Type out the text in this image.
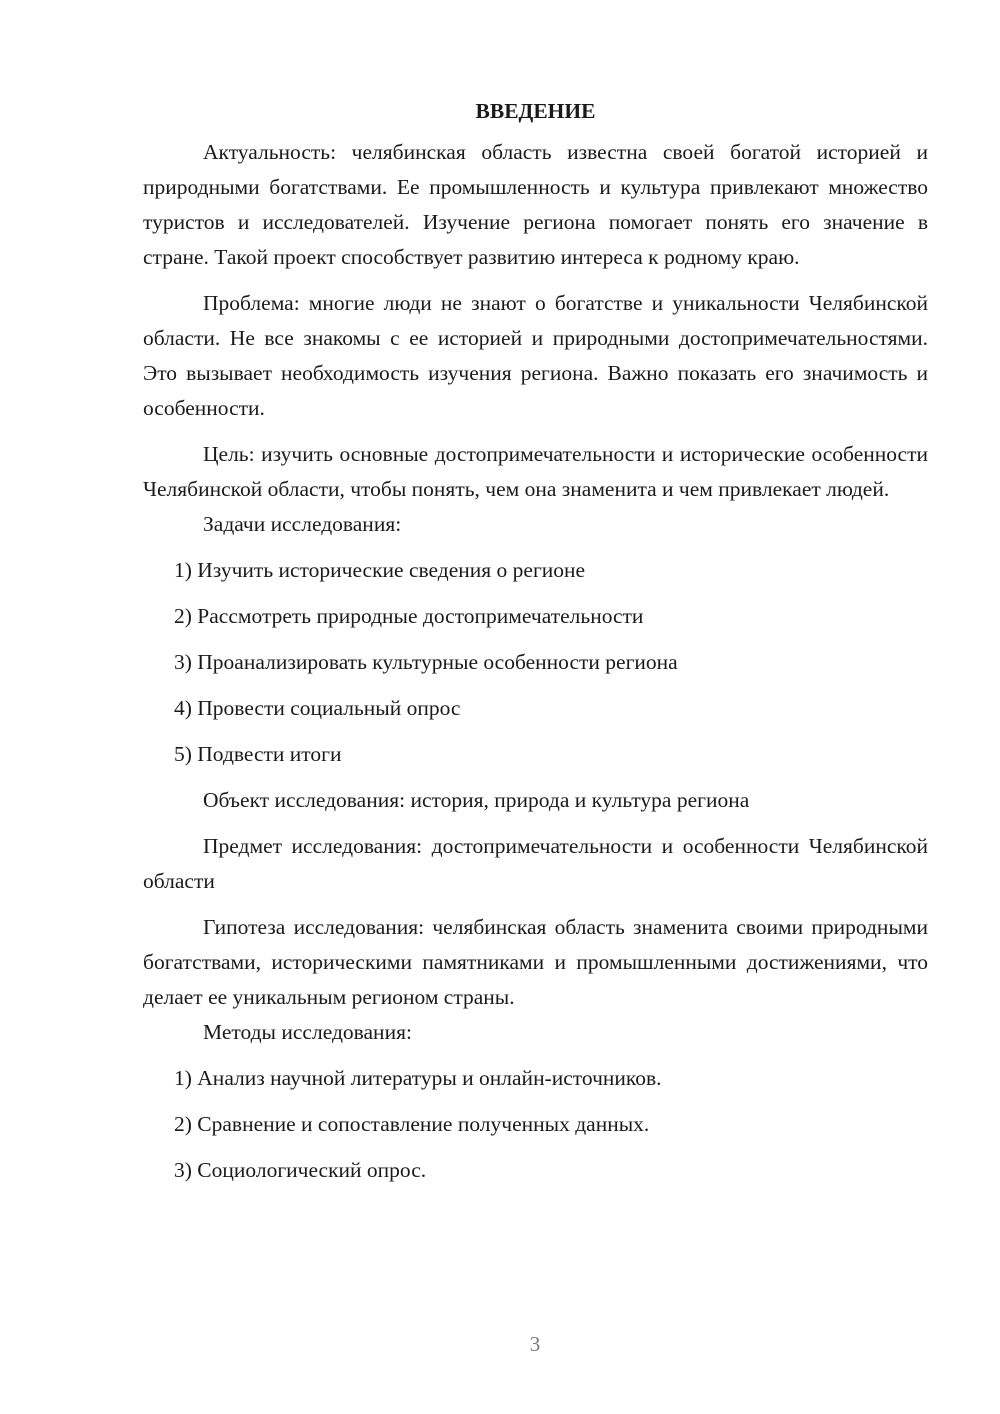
ВВЕДЕНИЕ

Актуальность: челябинская область известна своей богатой историей и природными богатствами. Ее промышленность и культура привлекают множество туристов и исследователей. Изучение региона помогает понять его значение в стране. Такой проект способствует развитию интереса к родному краю.

Проблема: многие люди не знают о богатстве и уникальности Челябинской области. Не все знакомы с ее историей и природными достопримечательностями. Это вызывает необходимость изучения региона. Важно показать его значимость и особенности.

Цель: изучить основные достопримечательности и исторические особенности Челябинской области, чтобы понять, чем она знаменита и чем привлекает людей.

Задачи исследования:

1) Изучить исторические сведения о регионе

2) Рассмотреть природные достопримечательности

3) Проанализировать культурные особенности региона

4) Провести социальный опрос

5) Подвести итоги

Объект исследования: история, природа и культура региона

Предмет исследования: достопримечательности и особенности Челябинской области

Гипотеза исследования: челябинская область знаменита своими природными богатствами, историческими памятниками и промышленными достижениями, что делает ее уникальным регионом страны.

Методы исследования:

1) Анализ научной литературы и онлайн-источников.

2) Сравнение и сопоставление полученных данных.

3) Социологический опрос.

3
